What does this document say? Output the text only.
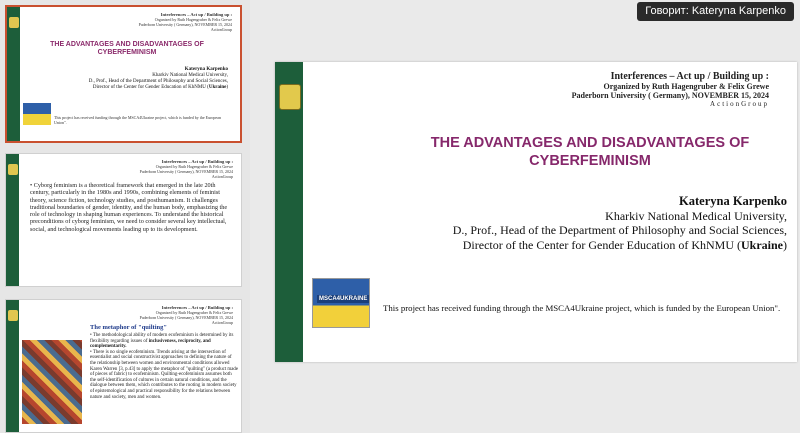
Interferences – Act up / Building up :
Organized by Ruth Hagengruber & Felix Grewe
Paderborn University ( Germany), NOVEMBER 15, 2024
ActionGroup
THE ADVANTAGES AND DISADVANTAGES OF CYBERFEMINISM
Kateryna Karpenko
Kharkiv National Medical University,
D., Prof., Head of the Department of Philosophy and Social Sciences,
Director of the Center for Gender Education of KhNMU (Ukraine)
This project has received funding through the MSCA4Ukraine project, which is funded by the European Union".
Interferences – Act up / Building up :
Organized by Ruth Hagengruber & Felix Grewe
Paderborn University ( Germany), NOVEMBER 15, 2024
ActionGroup
• Cyborg feminism is a theoretical framework that emerged in the late 20th century, particularly in the 1980s and 1990s, combining elements of feminist theory, science fiction, technology studies, and posthumanism. It challenges traditional boundaries of gender, identity, and the human body, emphasizing the role of technology in shaping human experiences. To understand the historical preconditions of cyborg feminism, we need to consider several key intellectual, social, and technological movements leading up to its development.
Interferences – Act up / Building up :
Organized by Ruth Hagengruber & Felix Grewe
Paderborn University ( Germany), NOVEMBER 15, 2024
ActionGroup
The metaphor of "quilting"
• The methodological ability of modern ecofeminism is determined by its flexibility regarding issues of inclusiveness, reciprocity, and complementarity.
• There is no single ecofeminism. Trends arising at the intersection of essentialist and social constructivist approaches to defining the nature of the relationship between women and environmental conditions allowed Karen Warren [3, p.43] to apply the metaphor of "quilting" (a product made of pieces of fabric) to ecofeminism. Quilting-ecofeminism assumes both the self-identification of cultures in certain natural conditions, and the dialogue between them, which contributes to the rooting in modern society of epistemological and practical responsibility for the relations between nature and society, men and women.
Interferences – Act up / Building up :
Organized by Ruth Hagengruber & Felix Grewe
Paderborn University ( Germany), NOVEMBER 15, 2024
ActionGroup
THE ADVANTAGES AND DISADVANTAGES OF CYBERFEMINISM
Kateryna Karpenko
Kharkiv National Medical University,
D., Prof., Head of the Department of Philosophy and Social Sciences,
Director of the Center for Gender Education of KhNMU (Ukraine)
MSCA4UKRAINE
This project has received funding through the MSCA4Ukraine project, which is funded by the European Union".
Говорит: Kateryna Karpenko
